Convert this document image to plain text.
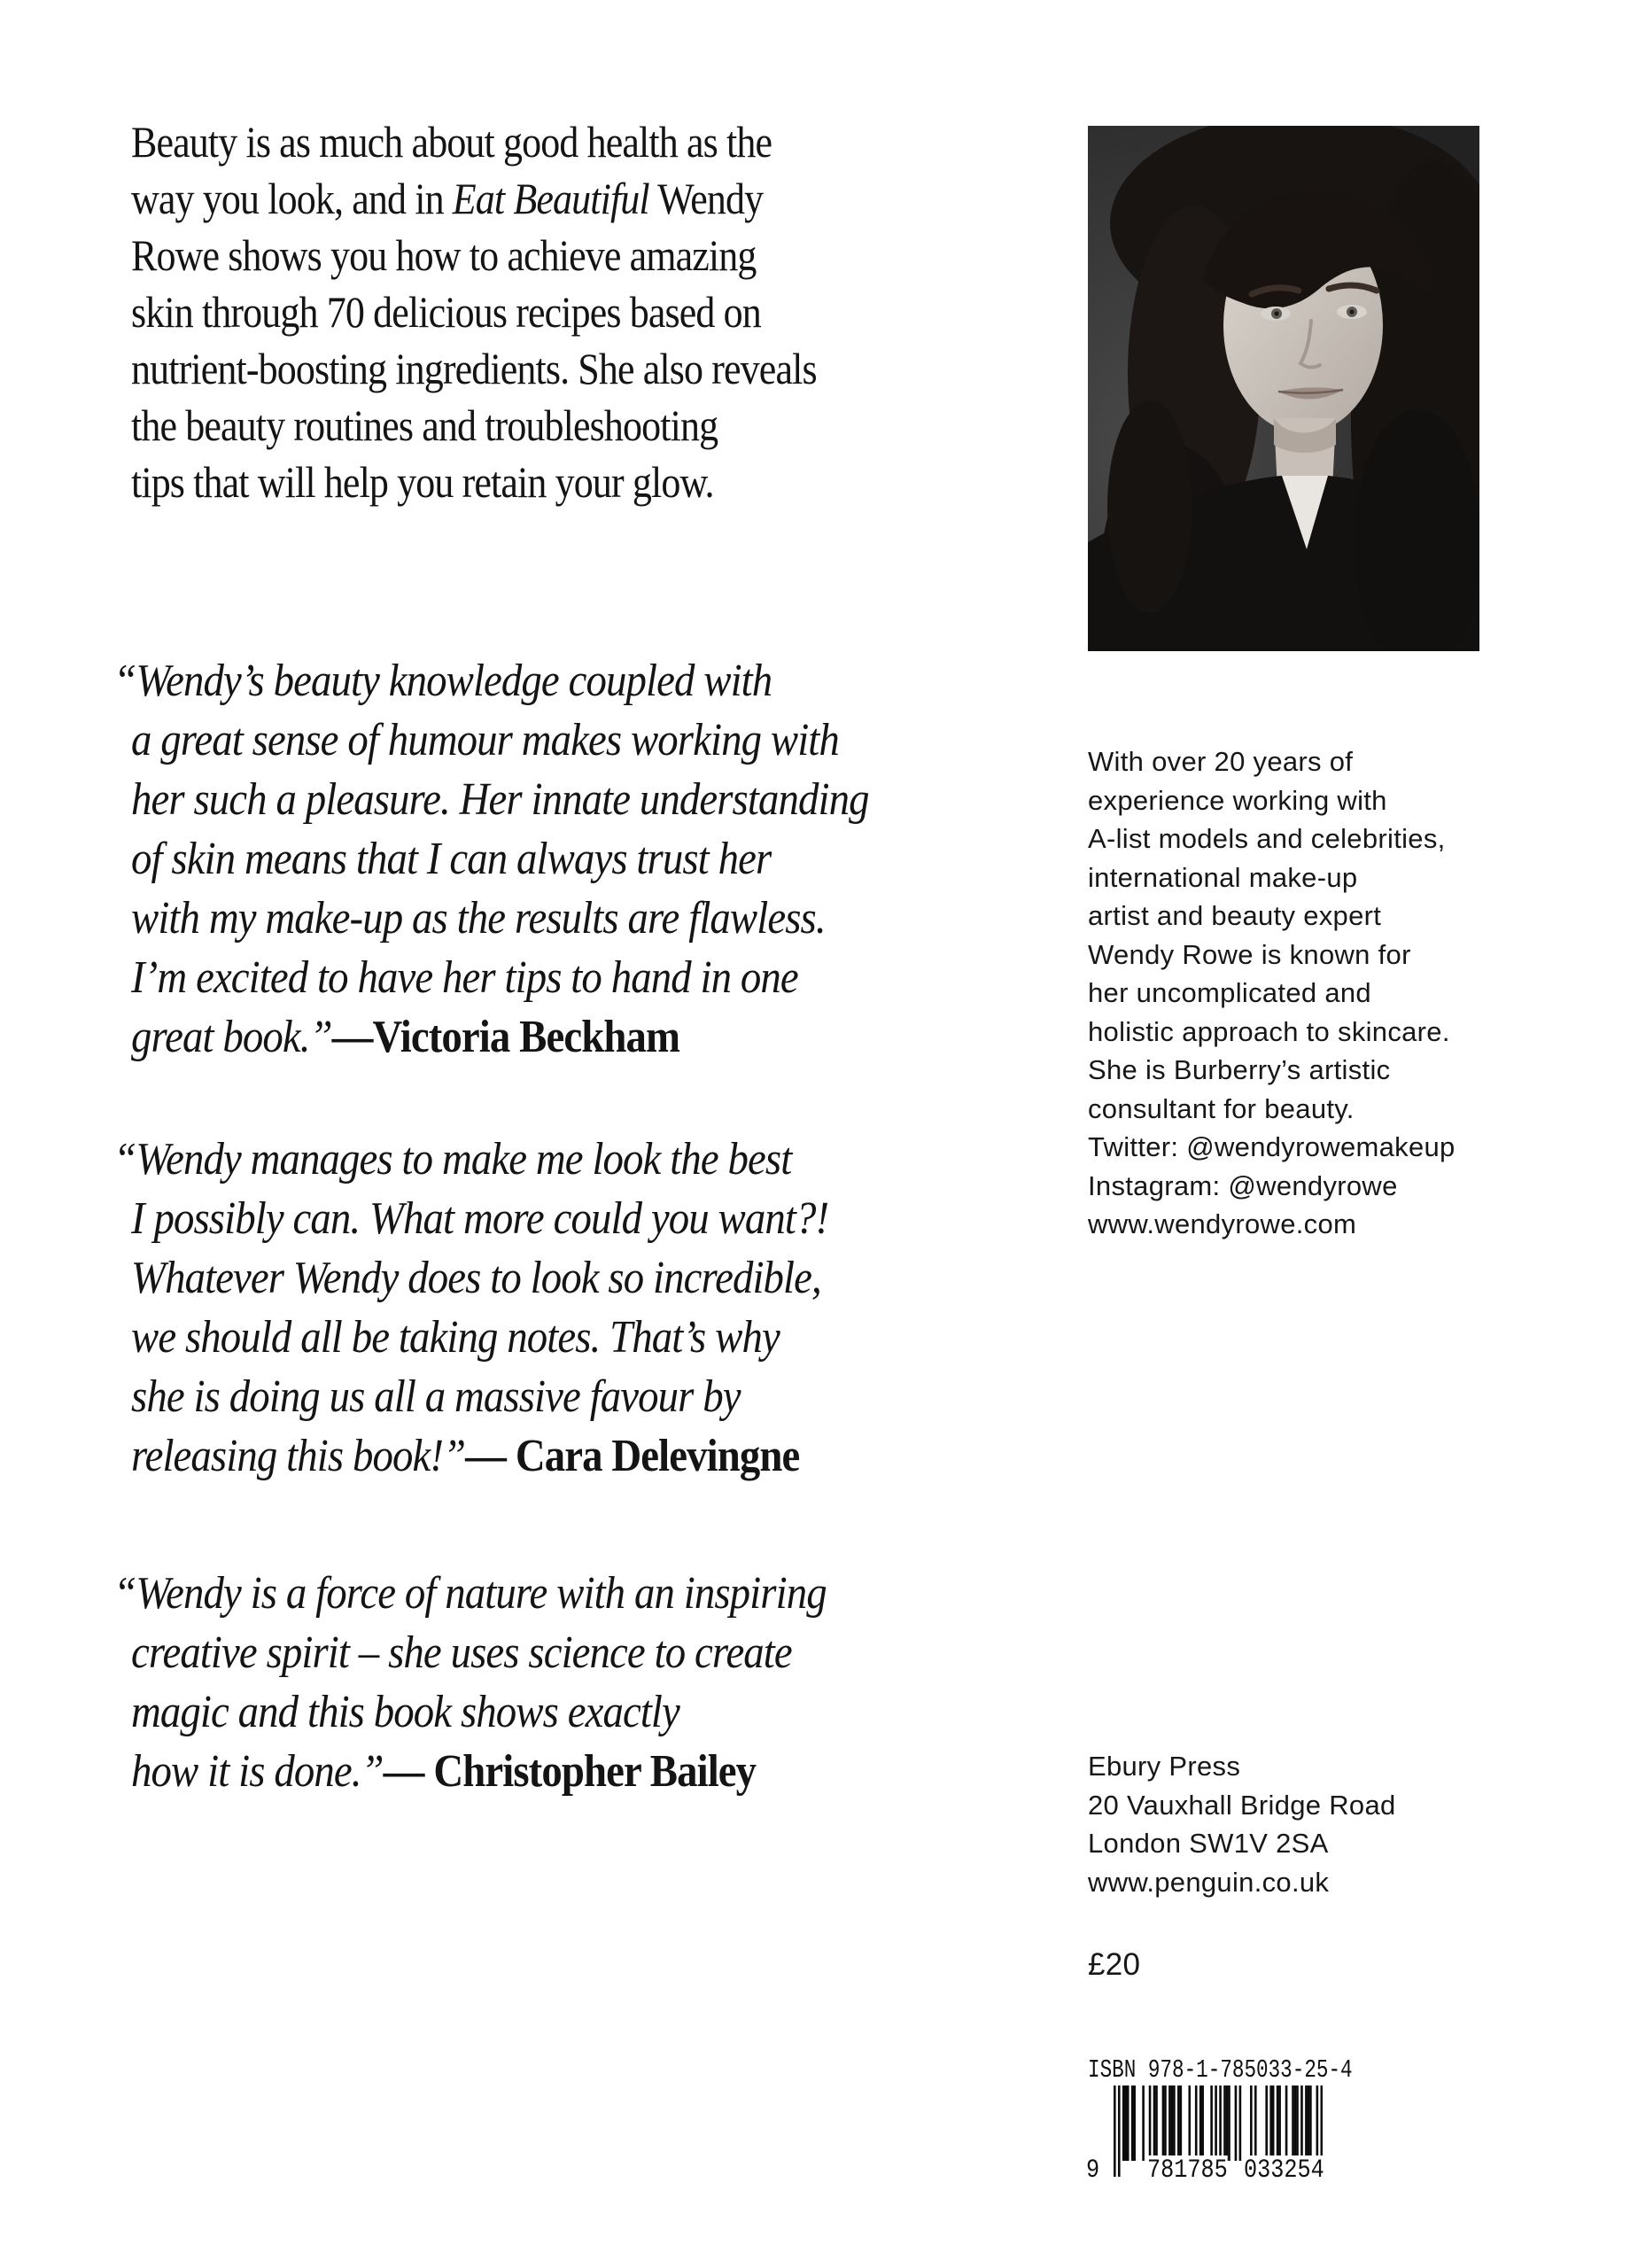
Beauty is as much about good health as the
way you look, and in Eat Beautiful Wendy
Rowe shows you how to achieve amazing
skin through 70 delicious recipes based on
nutrient-boosting ingredients. She also reveals
the beauty routines and troubleshooting
tips that will help you retain your glow.
“Wendy’s beauty knowledge coupled with
a great sense of humour makes working with
her such a pleasure. Her innate understanding
of skin means that I can always trust her
with my make-up as the results are flawless.
I’m excited to have her tips to hand in one
great book.”—Victoria Beckham
“Wendy manages to make me look the best
I possibly can. What more could you want?!
Whatever Wendy does to look so incredible,
we should all be taking notes. That’s why
she is doing us all a massive favour by
releasing this book!”— Cara Delevingne
“Wendy is a force of nature with an inspiring
creative spirit – she uses science to create
magic and this book shows exactly
how it is done.”— Christopher Bailey
With over 20 years of
experience working with
A-list models and celebrities,
international make-up
artist and beauty expert
Wendy Rowe is known for
her uncomplicated and
holistic approach to skincare.
She is Burberry’s artistic
consultant for beauty.
Twitter: @wendyrowemakeup
Instagram: @wendyrowe
www.wendyrowe.com
Ebury Press
20 Vauxhall Bridge Road
London SW1V 2SA
www.penguin.co.uk
£20
ISBN 978-1-785033-25-4
9 781785 033254
